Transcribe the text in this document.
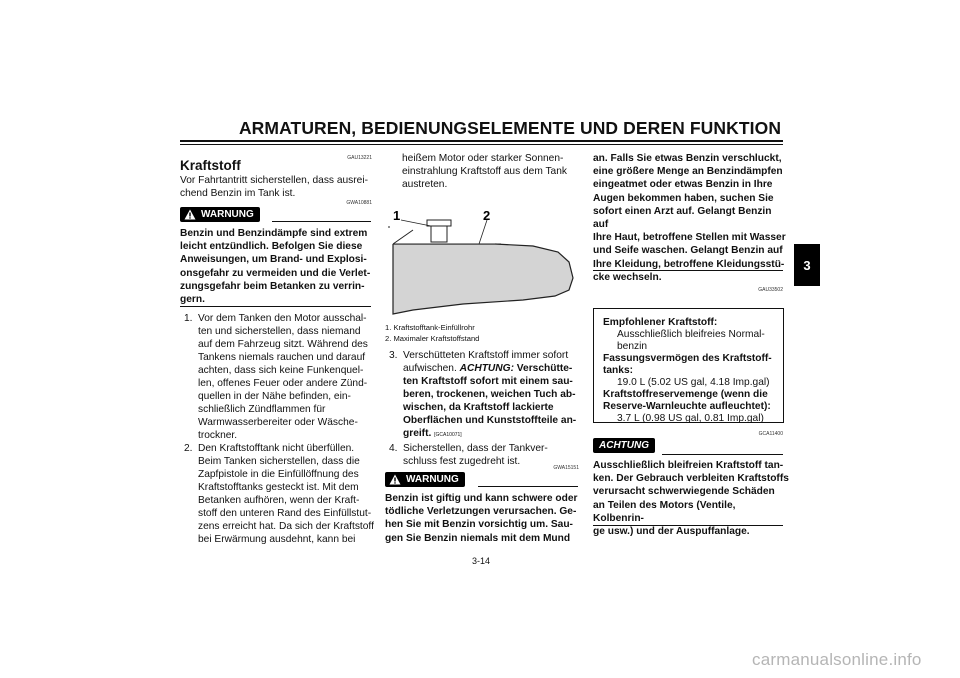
ARMATUREN, BEDIENUNGSELEMENTE UND DEREN FUNKTION
3
GAU13221
Kraftstoff
Vor Fahrtantritt sicherstellen, dass ausrei-
chend Benzin im Tank ist.
GWA10881
WARNUNG
Benzin und Benzindämpfe sind extrem
leicht entzündlich. Befolgen Sie diese
Anweisungen, um Brand- und Explosi-
onsgefahr zu vermeiden und die Verlet-
zungsgefahr beim Betanken zu verrin-
gern.
1. Vor dem Tanken den Motor ausschal-
ten und sicherstellen, dass niemand
auf dem Fahrzeug sitzt. Während des
Tankens niemals rauchen und darauf
achten, dass sich keine Funkenquel-
len, offenes Feuer oder andere Zünd-
quellen in der Nähe befinden, ein-
schließlich Zündflammen für
Warmwasserbereiter oder Wäsche-
trockner.
2. Den Kraftstofftank nicht überfüllen.
Beim Tanken sicherstellen, dass die
Zapfpistole in die Einfüllöffnung des
Kraftstofftanks gesteckt ist. Mit dem
Betanken aufhören, wenn der Kraft-
stoff den unteren Rand des Einfüllstut-
zens erreicht hat. Da sich der Kraftstoff
bei Erwärmung ausdehnt, kann bei
heißem Motor oder starker Sonnen-
einstrahlung Kraftstoff aus dem Tank
austreten.
1	2
1. Kraftstofftank-Einfüllrohr
2. Maximaler Kraftstoffstand
3. Verschütteten Kraftstoff immer sofort
aufwischen. ACHTUNG: Verschütte-
ten Kraftstoff sofort mit einem sau-
beren, trockenen, weichen Tuch ab-
wischen, da Kraftstoff lackierte
Oberflächen und Kunststoffteile an-
greift. [GCA10071]
4. Sicherstellen, dass der Tankver-
schluss fest zugedreht ist.
GWA15151
WARNUNG
Benzin ist giftig und kann schwere oder
tödliche Verletzungen verursachen. Ge-
hen Sie mit Benzin vorsichtig um. Sau-
gen Sie Benzin niemals mit dem Mund
an. Falls Sie etwas Benzin verschluckt,
eine größere Menge an Benzindämpfen
eingeatmet oder etwas Benzin in Ihre
Augen bekommen haben, suchen Sie
sofort einen Arzt auf. Gelangt Benzin auf
Ihre Haut, betroffene Stellen mit Wasser
und Seife waschen. Gelangt Benzin auf
Ihre Kleidung, betroffene Kleidungsstü-
cke wechseln.
GAU33502
Empfohlener Kraftstoff:
Ausschließlich bleifreies Normal-
benzin
Fassungsvermögen des Kraftstoff-
tanks:
19.0 L (5.02 US gal, 4.18 Imp.gal)
Kraftstoffreservemenge (wenn die
Reserve-Warnleuchte aufleuchtet):
3.7 L (0.98 US gal, 0.81 Imp.gal)
GCA11400
ACHTUNG
Ausschließlich bleifreien Kraftstoff tan-
ken. Der Gebrauch verbleiten Kraftstoffs
verursacht schwerwiegende Schäden
an Teilen des Motors (Ventile, Kolbenrin-
ge usw.) und der Auspuffanlage.
3-14
carmanualsonline.info
